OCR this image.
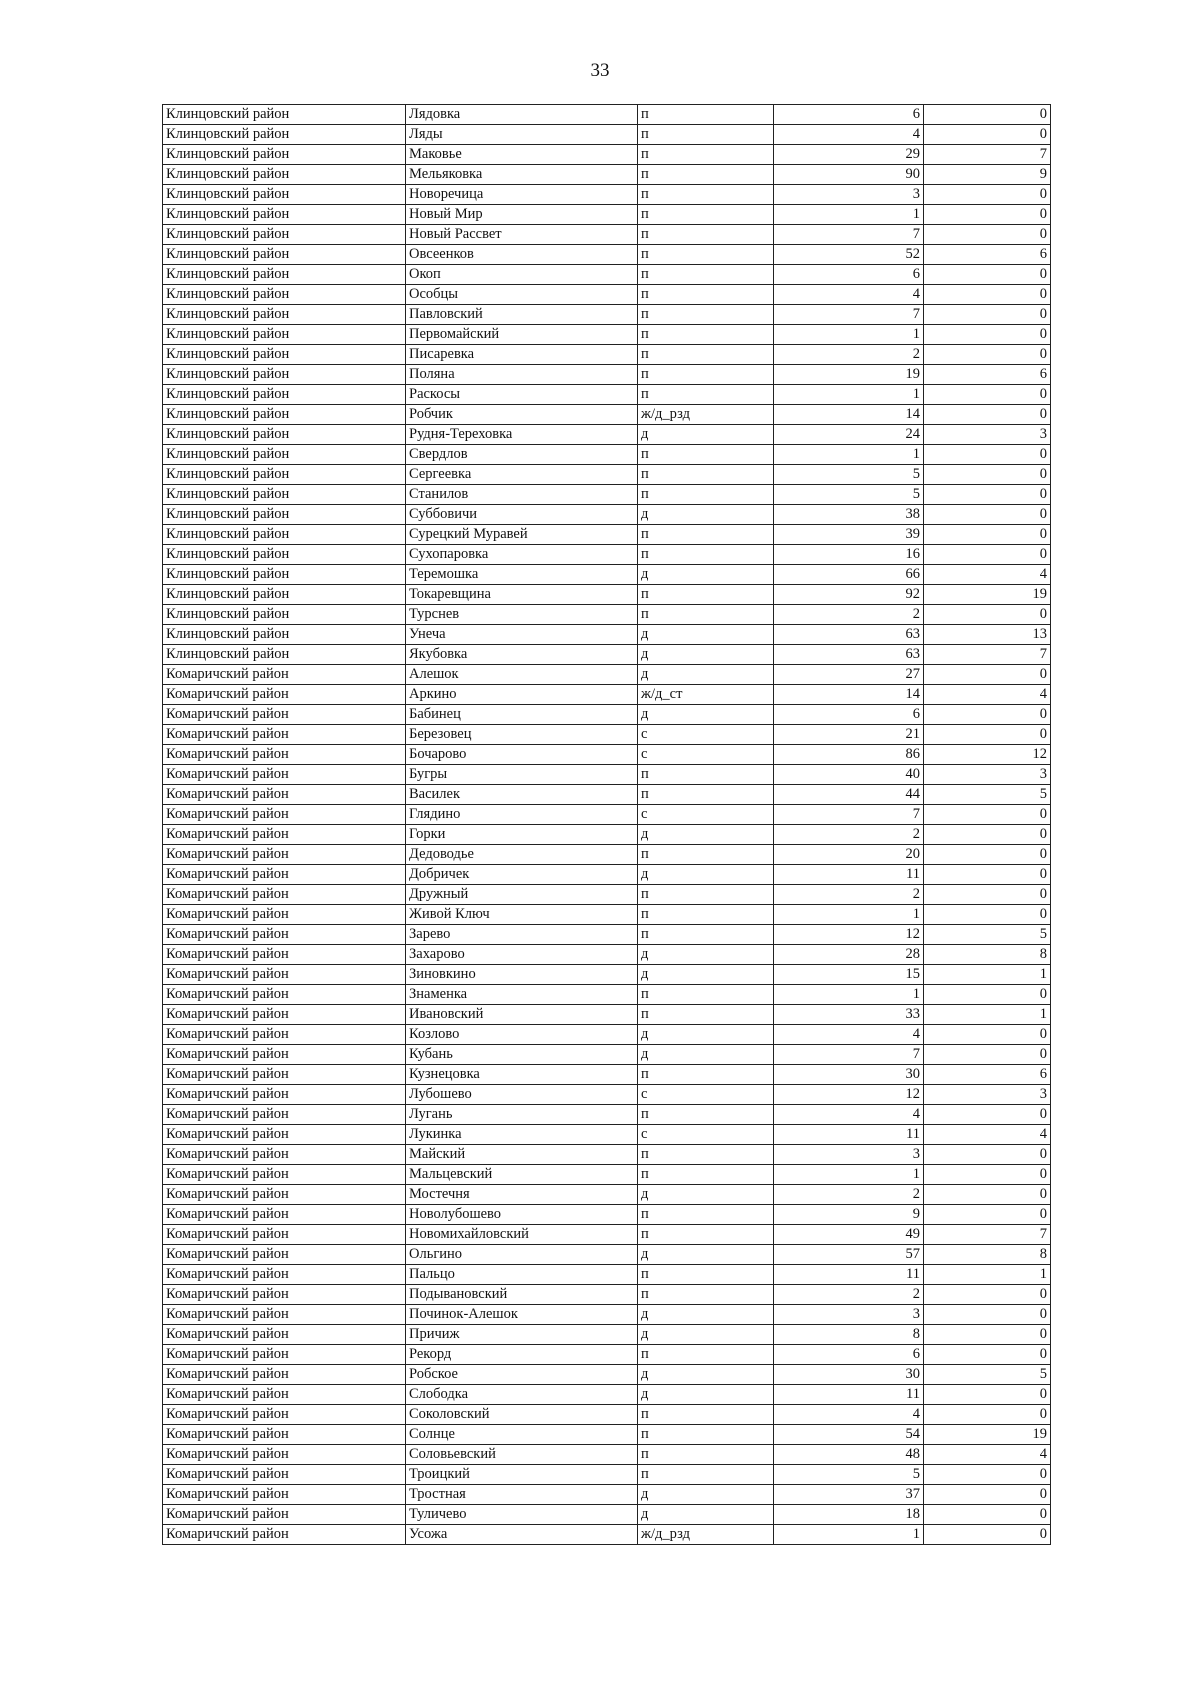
33
Клинцовский район	Лядовка	п	6	0
Клинцовский район	Ляды	п	4	0
Клинцовский район	Маковье	п	29	7
Клинцовский район	Мельяковка	п	90	9
Клинцовский район	Новоречица	п	3	0
Клинцовский район	Новый Мир	п	1	0
Клинцовский район	Новый Рассвет	п	7	0
Клинцовский район	Овсеенков	п	52	6
Клинцовский район	Окоп	п	6	0
Клинцовский район	Особцы	п	4	0
Клинцовский район	Павловский	п	7	0
Клинцовский район	Первомайский	п	1	0
Клинцовский район	Писаревка	п	2	0
Клинцовский район	Поляна	п	19	6
Клинцовский район	Раскосы	п	1	0
Клинцовский район	Робчик	ж/д_рзд	14	0
Клинцовский район	Рудня-Тереховка	д	24	3
Клинцовский район	Свердлов	п	1	0
Клинцовский район	Сергеевка	п	5	0
Клинцовский район	Станилов	п	5	0
Клинцовский район	Суббовичи	д	38	0
Клинцовский район	Сурецкий Муравей	п	39	0
Клинцовский район	Сухопаровка	п	16	0
Клинцовский район	Теремошка	д	66	4
Клинцовский район	Токаревщина	п	92	19
Клинцовский район	Турснев	п	2	0
Клинцовский район	Унеча	д	63	13
Клинцовский район	Якубовка	д	63	7
Комаричский район	Алешок	д	27	0
Комаричский район	Аркино	ж/д_ст	14	4
Комаричский район	Бабинец	д	6	0
Комаричский район	Березовец	с	21	0
Комаричский район	Бочарово	с	86	12
Комаричский район	Бугры	п	40	3
Комаричский район	Василек	п	44	5
Комаричский район	Глядино	с	7	0
Комаричский район	Горки	д	2	0
Комаричский район	Дедоводье	п	20	0
Комаричский район	Добричек	д	11	0
Комаричский район	Дружный	п	2	0
Комаричский район	Живой Ключ	п	1	0
Комаричский район	Зарево	п	12	5
Комаричский район	Захарово	д	28	8
Комаричский район	Зиновкино	д	15	1
Комаричский район	Знаменка	п	1	0
Комаричский район	Ивановский	п	33	1
Комаричский район	Козлово	д	4	0
Комаричский район	Кубань	д	7	0
Комаричский район	Кузнецовка	п	30	6
Комаричский район	Лубошево	с	12	3
Комаричский район	Лугань	п	4	0
Комаричский район	Лукинка	с	11	4
Комаричский район	Майский	п	3	0
Комаричский район	Мальцевский	п	1	0
Комаричский район	Мостечня	д	2	0
Комаричский район	Новолубошево	п	9	0
Комаричский район	Новомихайловский	п	49	7
Комаричский район	Ольгино	д	57	8
Комаричский район	Пальцо	п	11	1
Комаричский район	Подывановский	п	2	0
Комаричский район	Починок-Алешок	д	3	0
Комаричский район	Причиж	д	8	0
Комаричский район	Рекорд	п	6	0
Комаричский район	Робское	д	30	5
Комаричский район	Слободка	д	11	0
Комаричский район	Соколовский	п	4	0
Комаричский район	Солнце	п	54	19
Комаричский район	Соловьевский	п	48	4
Комаричский район	Троицкий	п	5	0
Комаричский район	Тростная	д	37	0
Комаричский район	Туличево	д	18	0
Комаричский район	Усожа	ж/д_рзд	1	0
